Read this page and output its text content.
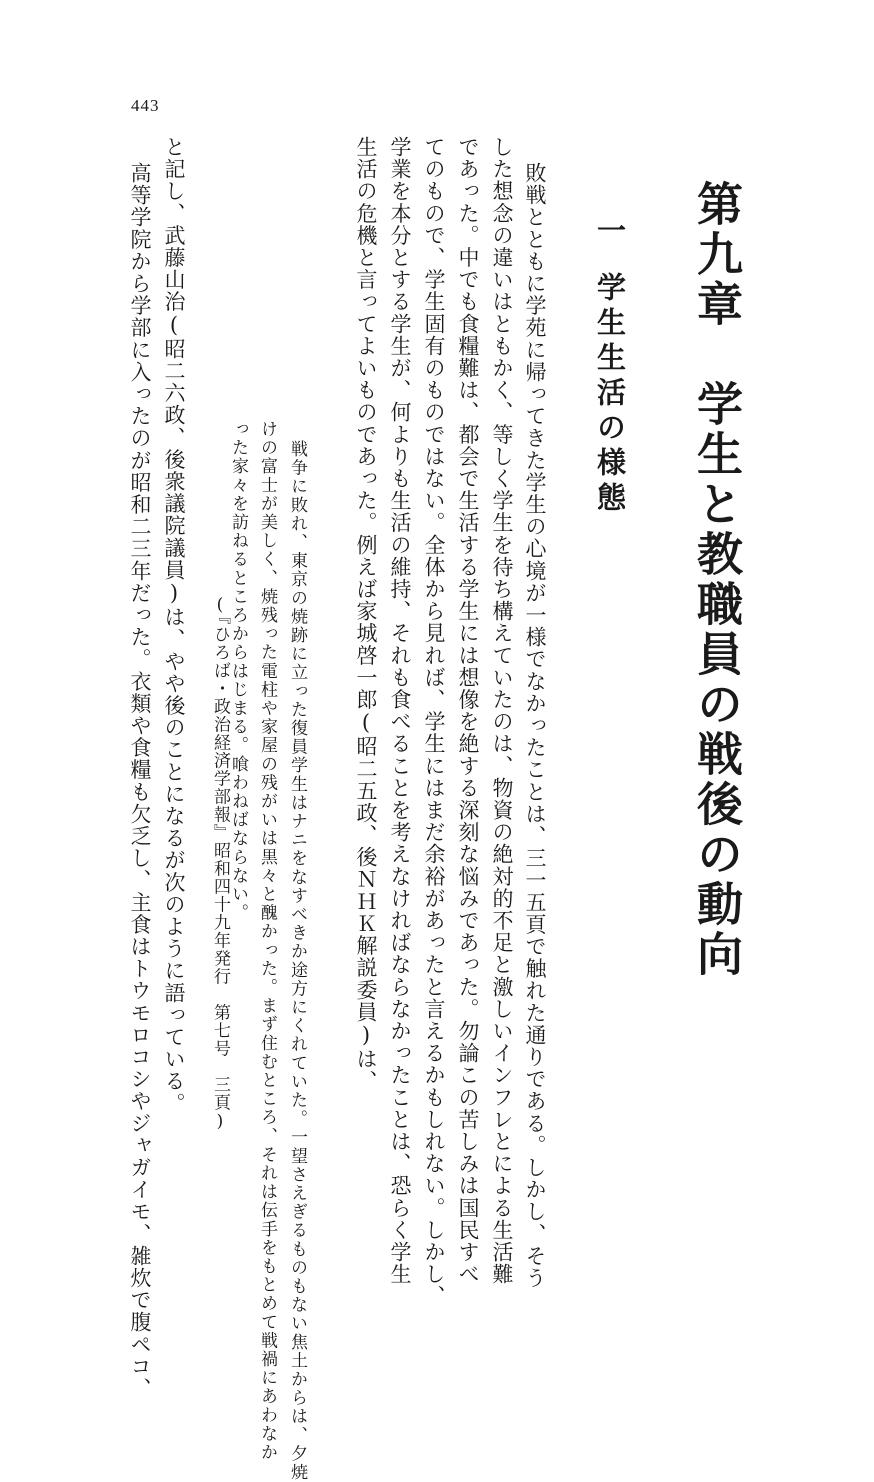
443
第九章　学生と教職員の戦後の動向
一学生生活の様態
敗戦とともに学苑に帰ってきた学生の心境が一様でなかったことは、三一五頁で触れた通りである。しかし、そう
した想念の違いはともかく、等しく学生を待ち構えていたのは、物資の絶対的不足と激しいインフレとによる生活難
であった。中でも食糧難は、都会で生活する学生には想像を絶する深刻な悩みであった。勿論この苦しみは国民すべ
てのもので、学生固有のものではない。全体から見れば、学生にはまだ余裕があったと言えるかもしれない。しかし、
学業を本分とする学生が、何よりも生活の維持、それも食べることを考えなければならなかったことは、恐らく学生
生活の危機と言ってよいものであった。例えば家城啓一郎(昭二五政、後ＮＨＫ解説委員)は、
戦争に敗れ、東京の焼跡に立った復員学生はナニをなすべきか途方にくれていた。一望さえぎるものもない焦土からは、夕焼
けの富士が美しく、焼残った電柱や家屋の残がいは黒々と醜かった。まず住むところ、それは伝手をもとめて戦禍にあわなか
った家々を訪ねるところからはじまる。喰わねばならない。
(『ひろば・政治経済学部報』昭和四十九年発行　第七号　三頁)
と記し、武藤山治(昭二六政、後衆議院議員)は、やや後のことになるが次のように語っている。
高等学院から学部に入ったのが昭和二三年だった。衣類や食糧も欠乏し、主食はトウモロコシやジャガイモ、雑炊で腹ペコ、
